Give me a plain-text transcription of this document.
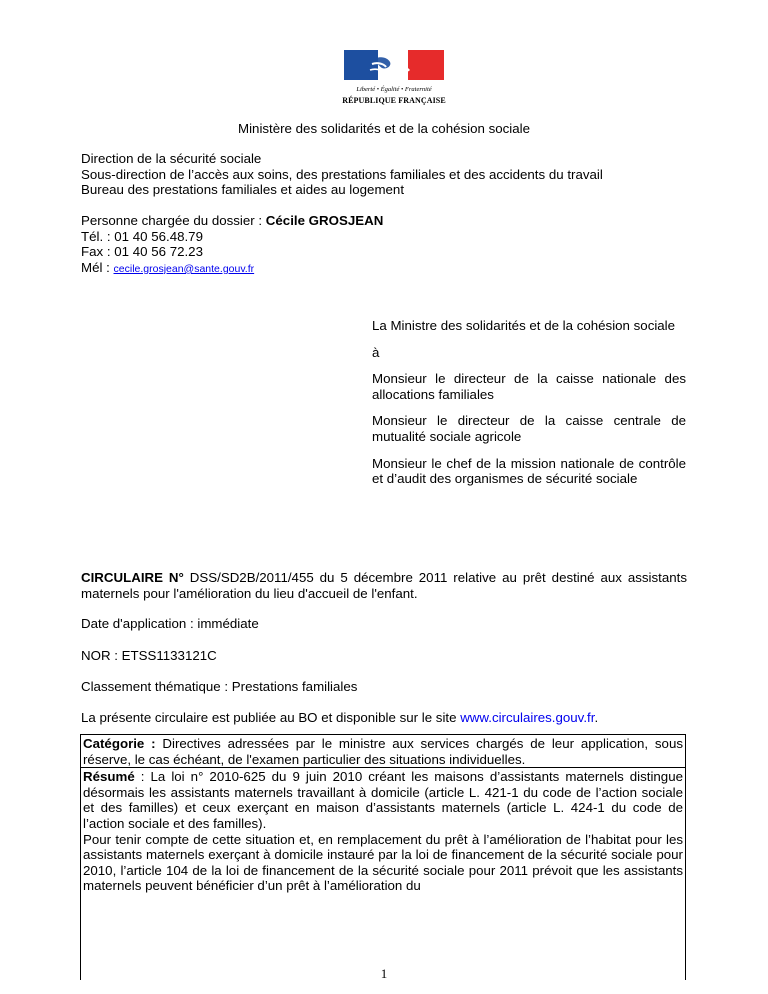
Liberté • Égalité • Fraternité
RÉPUBLIQUE FRANÇAISE
Ministère des solidarités et de la cohésion sociale
Direction de la sécurité sociale
Sous-direction de l’accès aux soins, des prestations familiales et des accidents du travail
Bureau des prestations familiales et aides au logement
Personne chargée du dossier : Cécile GROSJEAN
Tél. : 01 40 56.48.79
Fax : 01 40 56 72.23
Mél : cecile.grosjean@sante.gouv.fr

La Ministre des solidarités et de la cohésion sociale

à

Monsieur le directeur de la caisse nationale des allocations familiales

Monsieur le directeur de la caisse centrale de mutualité sociale agricole

Monsieur le chef de la mission nationale de contrôle et d’audit des organismes de sécurité sociale

CIRCULAIRE N° DSS/SD2B/2011/455 du 5 décembre 2011 relative au prêt destiné aux assistants maternels pour l'amélioration du lieu d'accueil de l'enfant.

Date d'application : immédiate
NOR : ETSS1133121C
Classement thématique : Prestations familiales
La présente circulaire est publiée au BO et disponible sur le site www.circulaires.gouv.fr.

Catégorie : Directives adressées par le ministre aux services chargés de leur application, sous réserve, le cas échéant, de l'examen particulier des situations individuelles.

Résumé : La loi n° 2010-625 du 9 juin 2010 créant les maisons d’assistants maternels distingue désormais les assistants maternels travaillant à domicile (article L. 421-1 du code de l’action sociale et des familles) et ceux exerçant en maison d’assistants maternels (article L. 424-1 du code de l’action sociale et des familles).

Pour tenir compte de cette situation et, en remplacement du prêt à l’amélioration de l’habitat pour les assistants maternels exerçant à domicile instauré par la loi de financement de la sécurité sociale pour 2010, l’article 104 de la loi de financement de la sécurité sociale pour 2011 prévoit que les assistants maternels peuvent bénéficier d’un prêt à l’amélioration du

1
